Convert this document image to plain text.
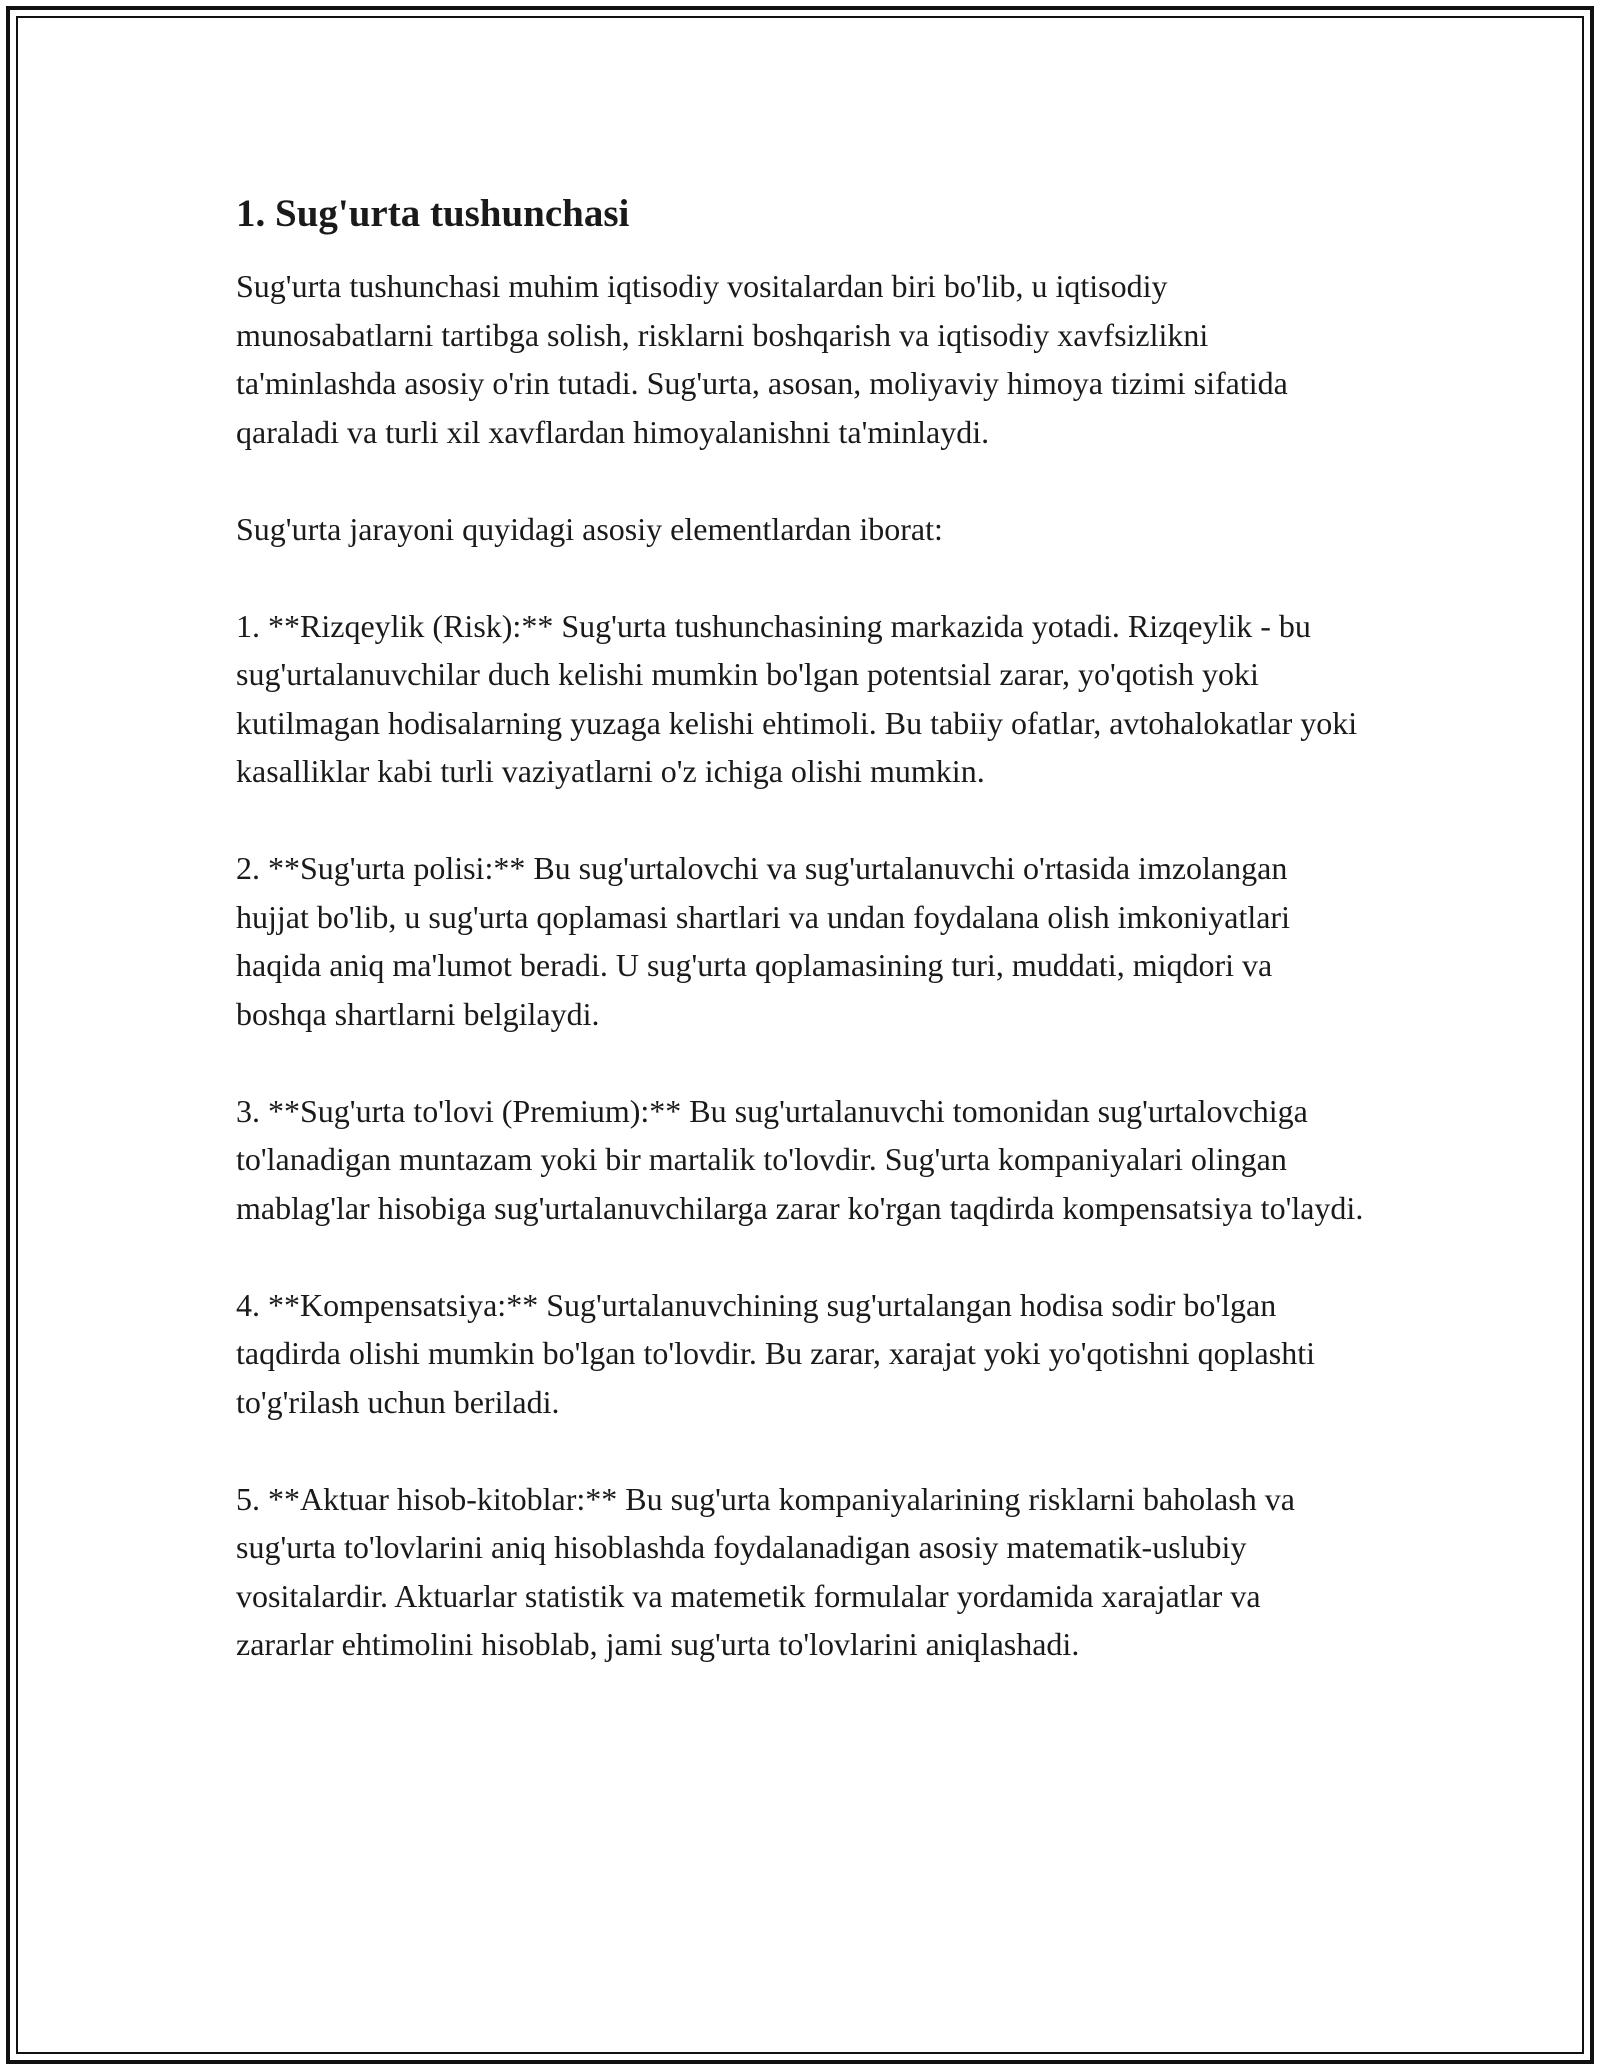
1. Sug'urta tushunchasi

Sug'urta tushunchasi muhim iqtisodiy vositalardan biri bo'lib, u iqtisodiy munosabatlarni tartibga solish, risklarni boshqarish va iqtisodiy xavfsizlikni ta'minlashda asosiy o'rin tutadi. Sug'urta, asosan, moliyaviy himoya tizimi sifatida qaraladi va turli xil xavflardan himoyalanishni ta'minlaydi.

Sug'urta jarayoni quyidagi asosiy elementlardan iborat:

1. **Rizqeylik (Risk):** Sug'urta tushunchasining markazida yotadi. Rizqeylik - bu sug'urtalanuvchilar duch kelishi mumkin bo'lgan potentsial zarar, yo'qotish yoki kutilmagan hodisalarning yuzaga kelishi ehtimoli. Bu tabiiy ofatlar, avtohalokatlar yoki kasalliklar kabi turli vaziyatlarni o'z ichiga olishi mumkin.

2. **Sug'urta polisi:** Bu sug'urtalovchi va sug'urtalanuvchi o'rtasida imzolangan hujjat bo'lib, u sug'urta qoplamasi shartlari va undan foydalana olish imkoniyatlari haqida aniq ma'lumot beradi. U sug'urta qoplamasining turi, muddati, miqdori va boshqa shartlarni belgilaydi.

3. **Sug'urta to'lovi (Premium):** Bu sug'urtalanuvchi tomonidan sug'urtalovchiga to'lanadigan muntazam yoki bir martalik to'lovdir. Sug'urta kompaniyalari olingan mablag'lar hisobiga sug'urtalanuvchilarga zarar ko'rgan taqdirda kompensatsiya to'laydi.

4. **Kompensatsiya:** Sug'urtalanuvchining sug'urtalangan hodisa sodir bo'lgan taqdirda olishi mumkin bo'lgan to'lovdir. Bu zarar, xarajat yoki yo'qotishni qoplashti to'g'rilash uchun beriladi.

5. **Aktuar hisob-kitoblar:** Bu sug'urta kompaniyalarining risklarni baholash va sug'urta to'lovlarini aniq hisoblashda foydalanadigan asosiy matematik-uslubiy vositalardir. Aktuarlar statistik va matemetik formulalar yordamida xarajatlar va zararlar ehtimolini hisoblab, jami sug'urta to'lovlarini aniqlashadi.
